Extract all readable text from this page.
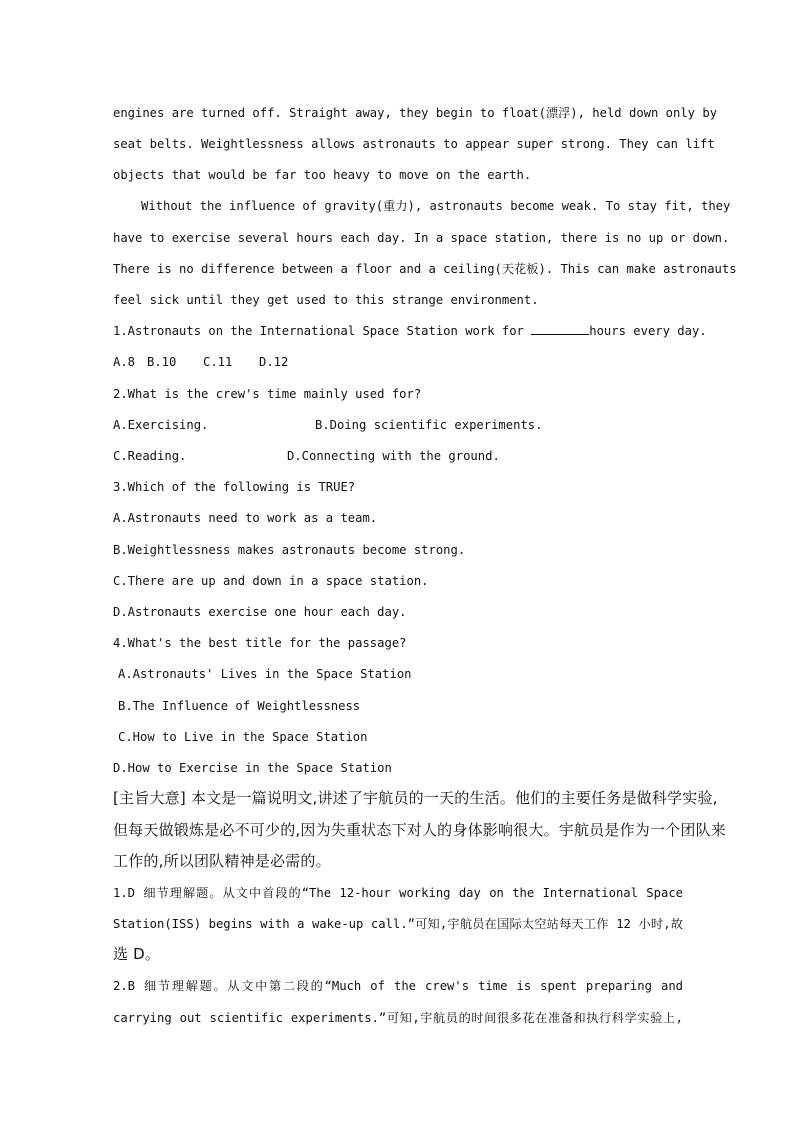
engines are turned off. Straight away, they begin to float(漂浮), held down only by
seat belts. Weightlessness allows astronauts to appear super strong. They can lift
objects that would be far too heavy to move on the earth.
Without the influence of gravity(重力), astronauts become weak. To stay fit, they
have to exercise several hours each day. In a space station, there is no up or down.
There is no difference between a floor and a ceiling(天花板). This can make astronauts
feel sick until they get used to this strange environment.
1.Astronauts on the International Space Station work for	hours every day.
A.8 B.10 C.11 D.12
2.What is the crew's time mainly used for?
A.Exercising.	B.Doing scientific experiments.
C.Reading.	D.Connecting with the ground.
3.Which of the following is TRUE?
A.Astronauts need to work as a team.
B.Weightlessness makes astronauts become strong.
C.There are up and down in a space station.
D.Astronauts exercise one hour each day.
4.What's the best title for the passage?
A.Astronauts' Lives in the Space Station
B.The Influence of Weightlessness
C.How to Live in the Space Station
D.How to Exercise in the Space Station
[主旨大意] 本文是一篇说明文,讲述了宇航员的一天的生活。他们的主要任务是做科学实验,
但每天做锻炼是必不可少的,因为失重状态下对人的身体影响很大。宇航员是作为一个团队来
工作的,所以团队精神是必需的。
1.D 细节理解题。从文中首段的“The 12-hour working day on the International Space
Station(ISS) begins with a wake-up call.”可知,宇航员在国际太空站每天工作 12 小时,故
选 D。
2.B 细节理解题。从文中第二段的“Much of the crew's time is spent preparing and
carrying out scientific experiments.”可知,宇航员的时间很多花在准备和执行科学实验上,
